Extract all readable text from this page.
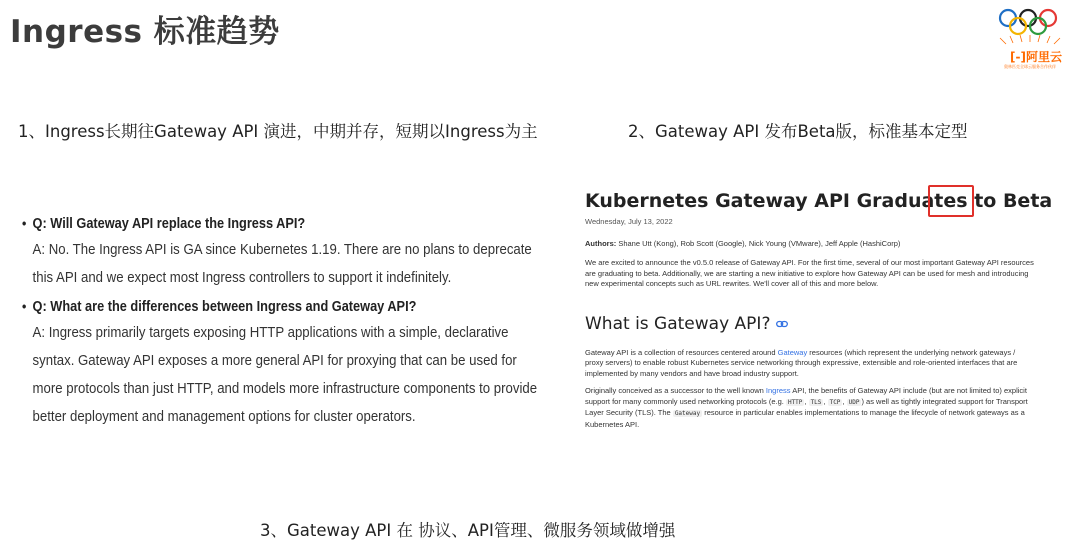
Ingress 标准趋势
[-]阿里云
奥林匹克全球云服务合作伙伴
1、Ingress长期往Gateway API 演进，中期并存，短期以Ingress为主	2、Gateway API 发布Beta版，标准基本定型
3、Gateway API 在 协议、API管理、微服务领域做增强
• Q: Will Gateway API replace the Ingress API?
A: No. The Ingress API is GA since Kubernetes 1.19. There are no plans to deprecate this API and we expect most Ingress controllers to support it indefinitely.
• Q: What are the differences between Ingress and Gateway API?
A: Ingress primarily targets exposing HTTP applications with a simple, declarative syntax. Gateway API exposes a more general API for proxying that can be used for more protocols than just HTTP, and models more infrastructure components to provide better deployment and management options for cluster operators.
Kubernetes Gateway API Graduates to Beta
Wednesday, July 13, 2022
Authors: Shane Utt (Kong), Rob Scott (Google), Nick Young (VMware), Jeff Apple (HashiCorp)
We are excited to announce the v0.5.0 release of Gateway API. For the first time, several of our most important Gateway API resources are graduating to beta. Additionally, we are starting a new initiative to explore how Gateway API can be used for mesh and introducing new experimental concepts such as URL rewrites. We'll cover all of this and more below.
What is Gateway API?
Gateway API is a collection of resources centered around Gateway resources (which represent the underlying network gateways / proxy servers) to enable robust Kubernetes service networking through expressive, extensible and role-oriented interfaces that are implemented by many vendors and have broad industry support.
Originally conceived as a successor to the well known Ingress API, the benefits of Gateway API include (but are not limited to) explicit support for many commonly used networking protocols (e.g. HTTP , TLS , TCP , UDP ) as well as tightly integrated support for Transport Layer Security (TLS). The Gateway resource in particular enables implementations to manage the lifecycle of network gateways as a Kubernetes API.
